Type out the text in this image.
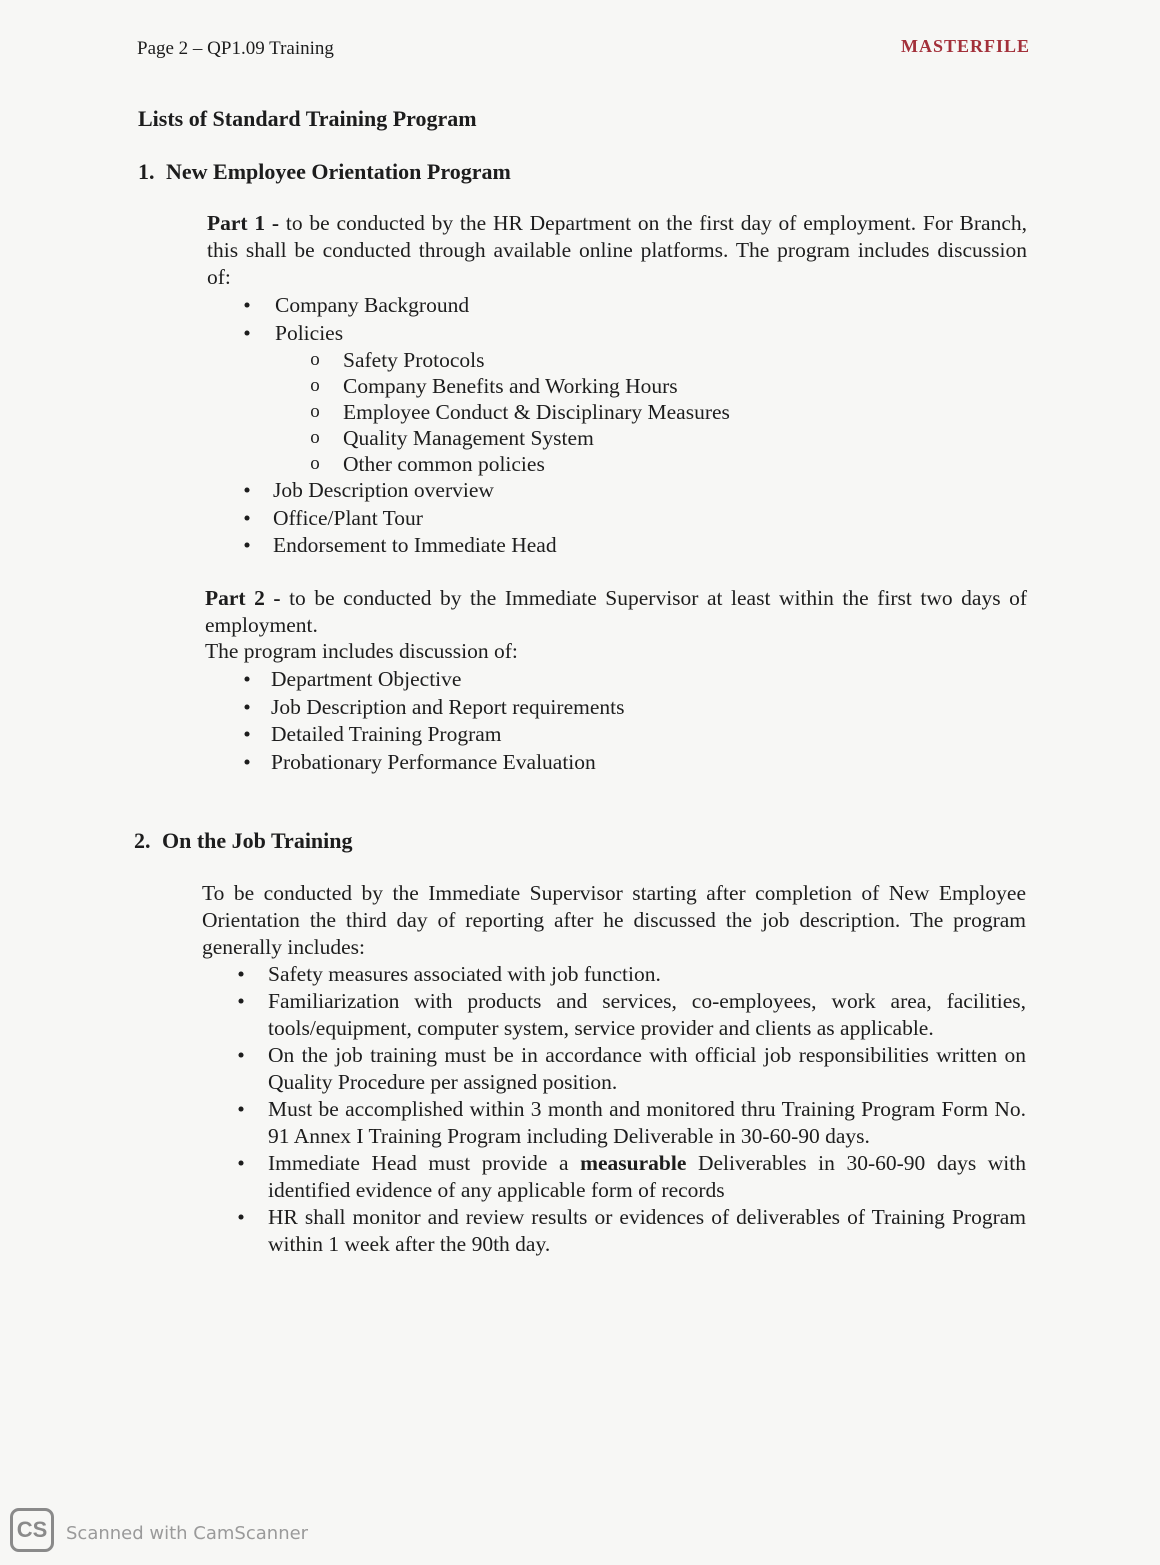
Page 2 – QP1.09 Training	MASTERFILE
Lists of Standard Training Program
1. New Employee Orientation Program

Part 1 - to be conducted by the HR Department on the first day of employment. For Branch, this shall be conducted through available online platforms. The program includes discussion of:

• Company Background
• Policies
o Safety Protocols
o Company Benefits and Working Hours
o Employee Conduct & Disciplinary Measures
o Quality Management System
o Other common policies
• Job Description overview
• Office/Plant Tour
• Endorsement to Immediate Head

Part 2 - to be conducted by the Immediate Supervisor at least within the first two days of employment.

The program includes discussion of:

• Department Objective
• Job Description and Report requirements
• Detailed Training Program
• Probationary Performance Evaluation
2. On the Job Training

To be conducted by the Immediate Supervisor starting after completion of New Employee Orientation the third day of reporting after he discussed the job description. The program generally includes:

• Safety measures associated with job function.
• Familiarization with products and services, co-employees, work area, facilities, tools/equipment, computer system, service provider and clients as applicable.
• On the job training must be in accordance with official job responsibilities written on Quality Procedure per assigned position.
• Must be accomplished within 3 month and monitored thru Training Program Form No. 91 Annex I Training Program including Deliverable in 30-60-90 days.
• Immediate Head must provide a measurable Deliverables in 30-60-90 days with identified evidence of any applicable form of records
• HR shall monitor and review results or evidences of deliverables of Training Program within 1 week after the 90th day.
CS	Scanned with CamScanner
